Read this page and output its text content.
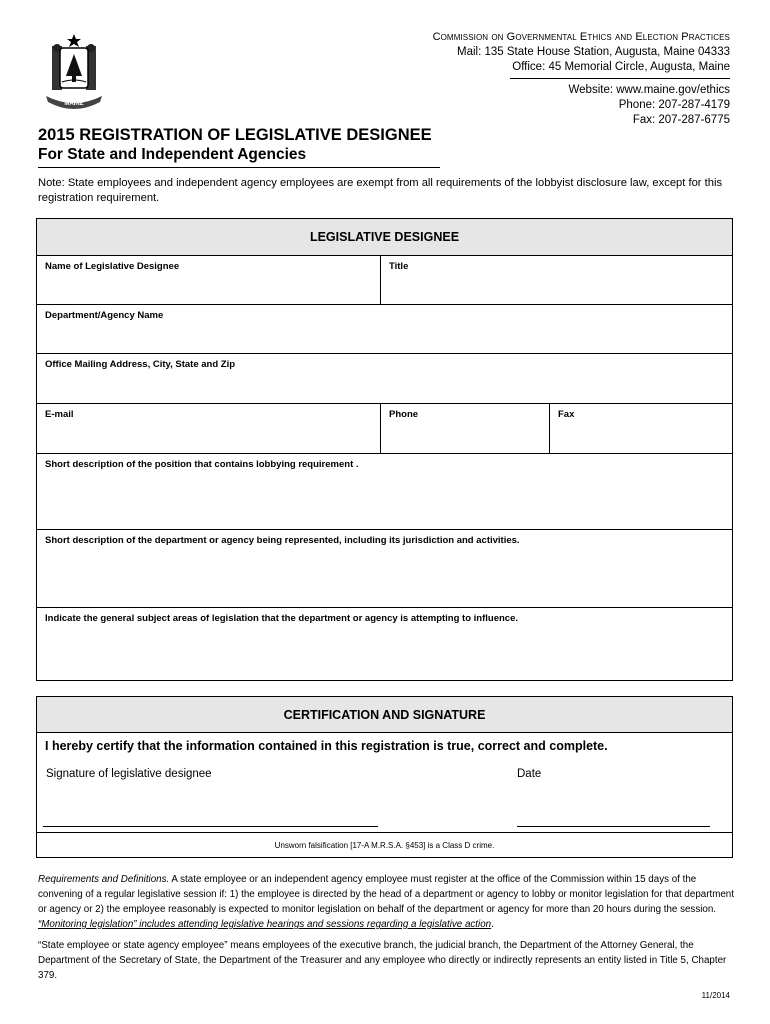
MAINE
Commission on Governmental Ethics and Election Practices
Mail: 135 State House Station, Augusta, Maine 04333
Office: 45 Memorial Circle, Augusta, Maine
Website: www.maine.gov/ethics
Phone: 207-287-4179
Fax: 207-287-6775
2015 REGISTRATION OF LEGISLATIVE DESIGNEE
For State and Independent Agencies
Note: State employees and independent agency employees are exempt from all requirements of the lobbyist disclosure law, except for this registration requirement.
LEGISLATIVE DESIGNEE
Name of Legislative Designee	Title
Department/Agency Name
Office Mailing Address, City, State and Zip
E-mail	Phone	Fax
Short description of the position that contains lobbying requirement .
Short description of the department or agency being represented, including its jurisdiction and activities.
Indicate the general subject areas of legislation that the department or agency is attempting to influence.
CERTIFICATION AND SIGNATURE
I hereby certify that the information contained in this registration is true, correct and complete.
Signature of legislative designee	Date
Unsworn falsification [17-A M.R.S.A. §453] is a Class D crime.
Requirements and Definitions. A state employee or an independent agency employee must register at the office of the Commission within 15 days of the convening of a regular legislative session if: 1) the employee is directed by the head of a department or agency to lobby or monitor legislation for that department or agency or 2) the employee reasonably is expected to monitor legislation on behalf of the department or agency for more than 20 hours during the session. “Monitoring legislation” includes attending legislative hearings and sessions regarding a legislative action.
“State employee or state agency employee” means employees of the executive branch, the judicial branch, the Department of the Attorney General, the Department of the Secretary of State, the Department of the Treasurer and any employee who directly or indirectly represents an entity listed in Title 5, Chapter 379.
11/2014
